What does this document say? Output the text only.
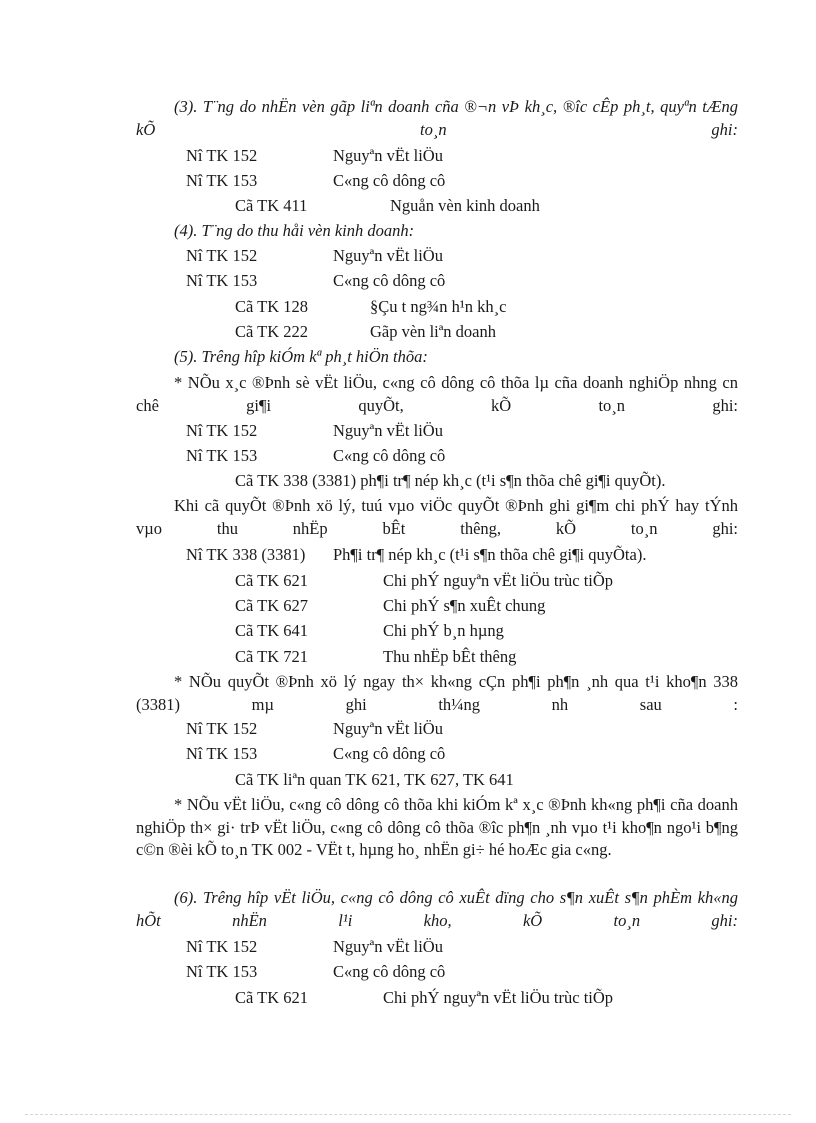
(3). T¨ng do nhËn vèn gãp liªn doanh cña ®¬n vÞ kh¸c, ®îc cÊp ph¸t, quyªn tÆng kÕ to¸n ghi:
Nî TK 152	Nguyªn vËt liÖu
Nî TK 153	C«ng cô dông cô
Cã TK 411	Nguån vèn kinh doanh
(4). T¨ng do thu håi vèn kinh doanh:
Nî TK 152	Nguyªn vËt liÖu
Nî TK 153	C«ng cô dông cô
Cã TK 128	§Çu t ng¾n h¹n kh¸c
Cã TK 222	Gãp vèn liªn doanh
(5). Trêng hîp kiÓm kª ph¸t hiÖn thõa:
* NÕu x¸c ®Þnh sè vËt liÖu, c«ng cô dông cô thõa lµ cña doanh nghiÖp nhng cn chê gi¶i quyÕt, kÕ to¸n ghi:
Nî TK 152	Nguyªn vËt liÖu
Nî TK 153	C«ng cô dông cô
Cã TK 338 (3381) ph¶i tr¶ nép kh¸c (t¹i s¶n thõa chê gi¶i quyÕt).
Khi cã quyÕt ®Þnh xö lý, tuú vµo viÖc quyÕt ®Þnh ghi gi¶m chi phÝ hay tÝnh vµo thu nhËp bÊt thêng, kÕ to¸n ghi:
Nî TK 338 (3381) Ph¶i tr¶ nép kh¸c (t¹i s¶n thõa chê gi¶i quyÕta).
Cã TK 621	Chi phÝ nguyªn vËt liÖu trùc tiÕp
Cã TK 627	Chi phÝ s¶n xuÊt chung
Cã TK 641	Chi phÝ b¸n hµng
Cã TK 721	Thu nhËp bÊt thêng
* NÕu quyÕt ®Þnh xö lý ngay th× kh«ng cÇn ph¶i ph¶n ¸nh qua t¹i kho¶n 338 (3381) mµ ghi th¼ng nh sau :
Nî TK 152	Nguyªn vËt liÖu
Nî TK 153	C«ng cô dông cô
Cã TK liªn quan TK 621, TK 627, TK 641
* NÕu vËt liÖu, c«ng cô dông cô thõa khi kiÓm kª x¸c ®Þnh kh«ng ph¶i cña doanh nghiÖp th× gi· trÞ vËt liÖu, c«ng cô dông cô thõa ®îc ph¶n ¸nh vµo t¹i kho¶n ngo¹i b¶ng c©n ®èi kÕ to¸n TK 002 - VËt t, hµng ho¸ nhËn gi÷ hé hoÆc gia c«ng.
(6). Trêng hîp vËt liÖu, c«ng cô dông cô xuÊt dïng cho s¶n xuÊt s¶n phÈm kh«ng hÕt nhËn l¹i kho, kÕ to¸n ghi:
Nî TK 152	Nguyªn vËt liÖu
Nî TK 153	C«ng cô dông cô
Cã TK 621	Chi phÝ nguyªn vËt liÖu trùc tiÕp
